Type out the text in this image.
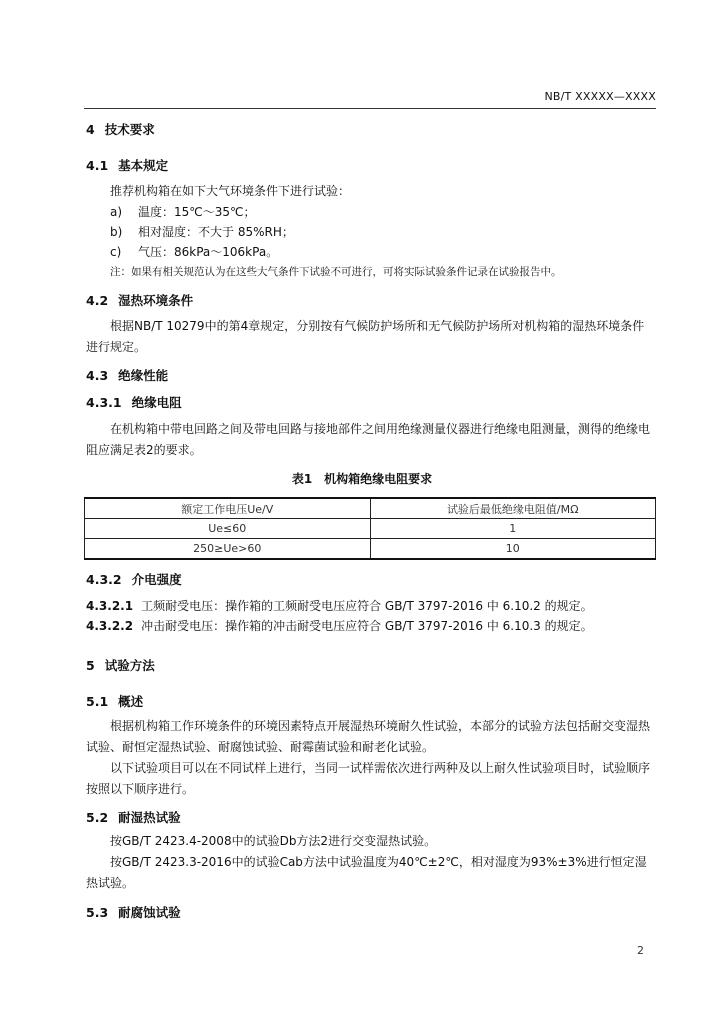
NB/T XXXXX—XXXX
4 技术要求
4.1 基本规定
推荐机构箱在如下大气环境条件下进行试验：
a) 温度：15℃～35℃；
b) 相对湿度：不大于 85%RH；
c) 气压：86kPa～106kPa。
注：如果有相关规范认为在这些大气条件下试验不可进行，可将实际试验条件记录在试验报告中。
4.2 湿热环境条件
根据NB/T 10279中的第4章规定，分别按有气候防护场所和无气候防护场所对机构箱的湿热环境条件进行规定。
4.3 绝缘性能
4.3.1 绝缘电阻
在机构箱中带电回路之间及带电回路与接地部件之间用绝缘测量仪器进行绝缘电阻测量，测得的绝缘电阻应满足表2的要求。
表1　机构箱绝缘电阻要求
额定工作电压Ue/V	试验后最低绝缘电阻值/MΩ
Ue≤60	1
250≥Ue>60	10
4.3.2 介电强度
4.3.2.1 工频耐受电压：操作箱的工频耐受电压应符合 GB/T 3797-2016 中 6.10.2 的规定。
4.3.2.2 冲击耐受电压：操作箱的冲击耐受电压应符合 GB/T 3797-2016 中 6.10.3 的规定。
5 试验方法
5.1 概述
根据机构箱工作环境条件的环境因素特点开展湿热环境耐久性试验，本部分的试验方法包括耐交变湿热试验、耐恒定湿热试验、耐腐蚀试验、耐霉菌试验和耐老化试验。
以下试验项目可以在不同试样上进行，当同一试样需依次进行两种及以上耐久性试验项目时，试验顺序按照以下顺序进行。
5.2 耐湿热试验
按GB/T 2423.4-2008中的试验Db方法2进行交变湿热试验。
按GB/T 2423.3-2016中的试验Cab方法中试验温度为40℃±2℃，相对湿度为93%±3%进行恒定湿热试验。
5.3 耐腐蚀试验
2
​
